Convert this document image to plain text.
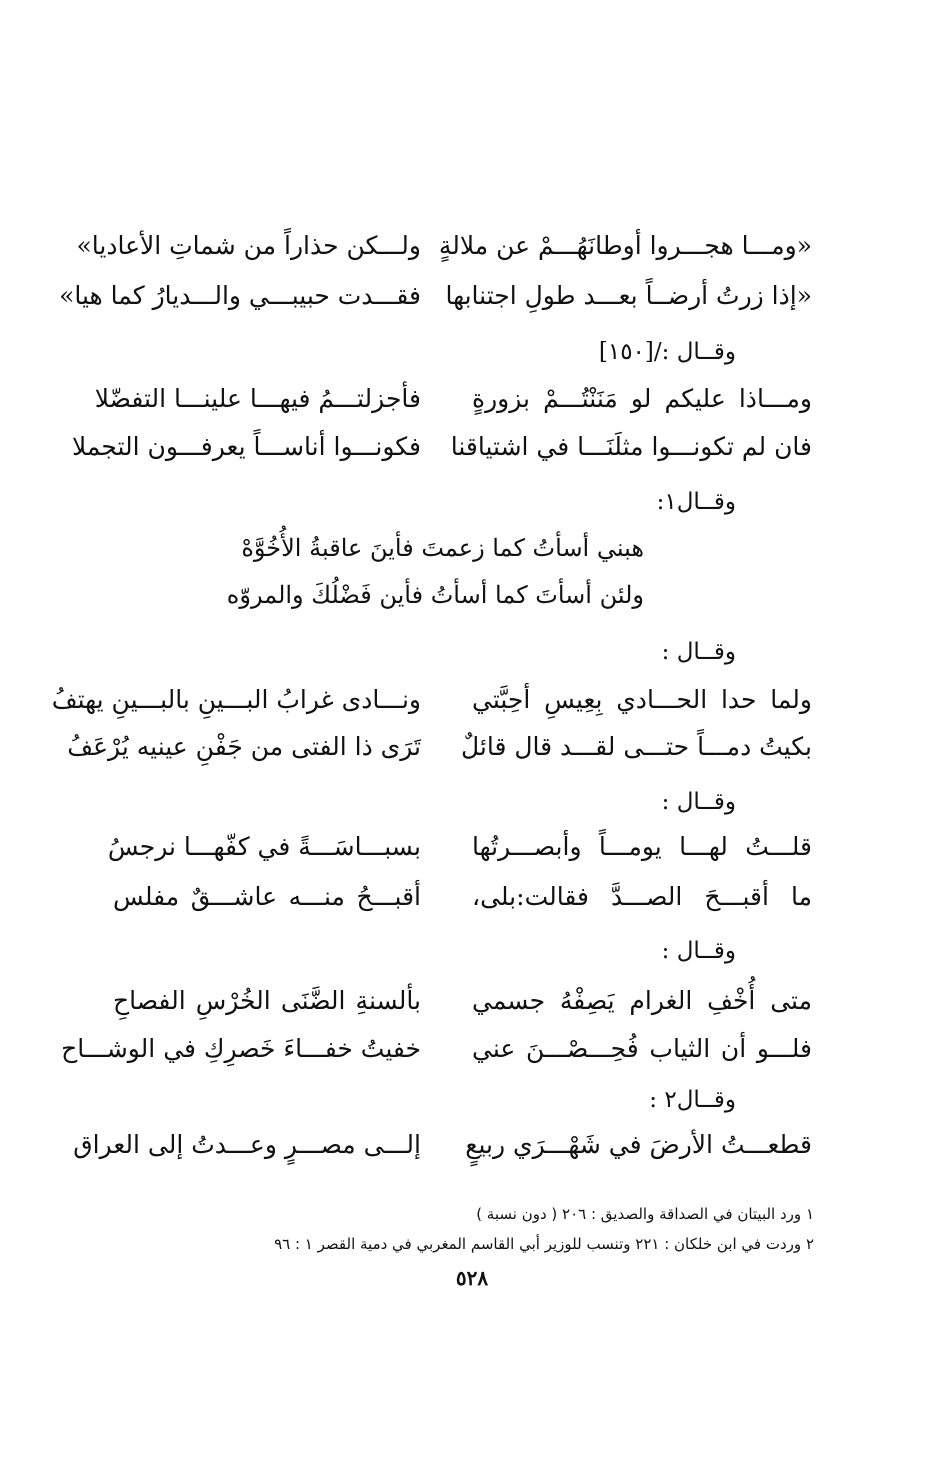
«ومـــا هجـــروا أوطانَهُـــمْ عن ملالةٍ
ولـــكن حذاراً من شماتِ الأعاديا»
«إذا زرتُ أرضــاً بعـــد طولِ اجتنابها
فقـــدت حبيبـــي والـــديارُ كما هيا»
وقــال :/[١٥٠]
ومـــاذا عليكم لو مَنَنْتُـــمْ بزورةٍ
فأجزلتـــمُ فيهـــا علينـــا التفضّلا
فان لم تكونـــوا مثلَنَـــا في اشتياقنا
فكونـــوا أناســـاً يعرفـــون التجملا
وقــال١:
هبني أسأتُ كما زعمتَ فأينَ عاقبةُ الأُخُوَّهْ
ولئن أسأتَ كما أسأتُ فأين فَضْلُكَ والمروّه
وقــال :
ولما حدا الحـــادي بِعِيسِ أحِبَّتي
ونـــادى غرابُ البـــينِ بالبـــينِ يهتفُ
بكيتُ دمـــاً حتـــى لقـــد قال قائلٌ
تَرَى ذا الفتى من جَفْنِ عينيه يُرْعَفُ
وقــال :
قلـــتُ لهـــا يومـــاً وأبصـــرتُها
بسبـــاسَـــةً في كفّهـــا نرجسُ
ما أقبـــحَ الصـــدَّ فقالت:بلى،
أقبـــحُ منـــه عاشـــقٌ مفلس
وقــال :
متى أُخْفِ الغرام يَصِفْهُ جسمي
بألسنةِ الضَّنَى الخُرْسِ الفصاحِ
فلـــو أن الثياب فُحِـــصْـــنَ عني
خفيتُ خفـــاءَ خَصرِكِ في الوشـــاح
وقــال٢ :
قطعـــتُ الأرضَ في شَهْـــرَي ربيعٍ
إلـــى مصـــرٍ وعـــدتُ إلى العراق
١ ورد البيتان في الصداقة والصديق : ٢٠٦ ( دون نسبة )
٢ وردت في ابن خلكان : ٢٢١ وتنسب للوزير أبي القاسم المغربي في دمية القصر ١ : ٩٦
٥٢٨
